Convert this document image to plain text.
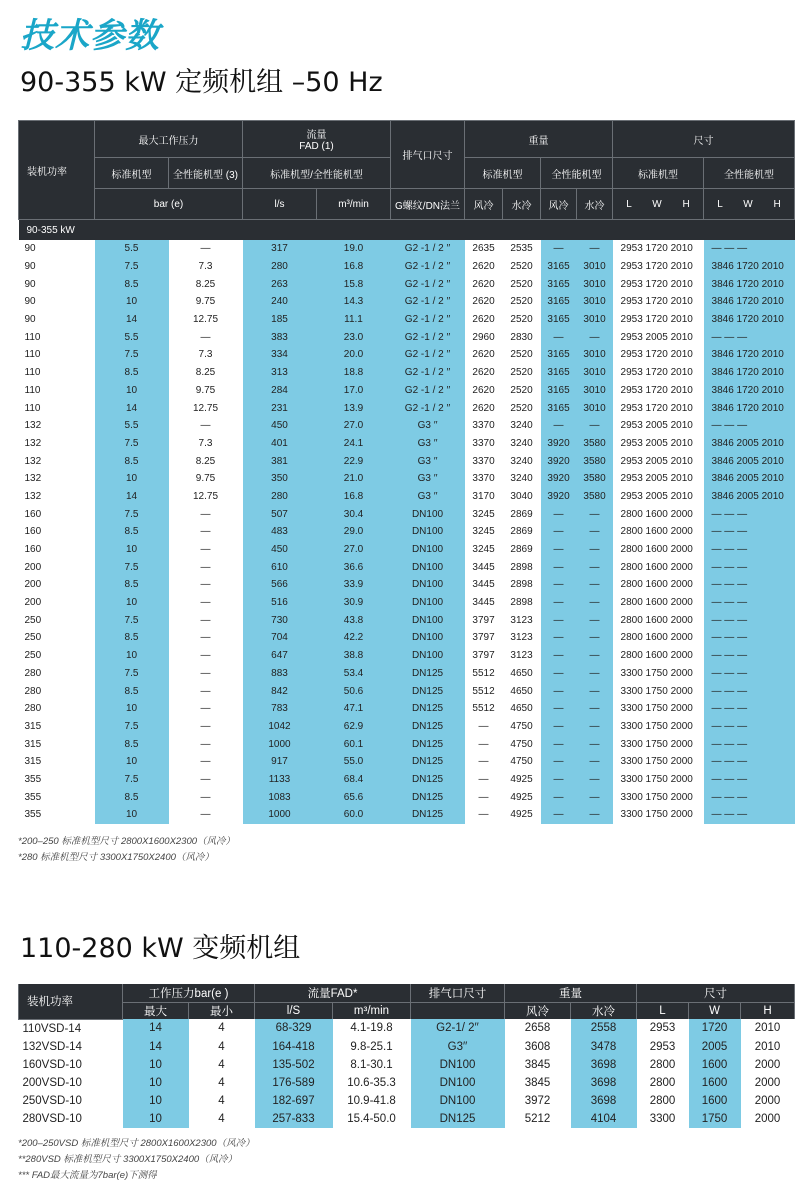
技术参数
90-355 kW 定频机组 –50 Hz
装机功率	最大工作压力		流量
FAD (1)		排气口尺寸	重量				尺寸	
	标准机型	全性能机型 (3)	标准机型/全性能机型			标准机型		全性能机型		标准机型	全性能机型
	bar (e)		l/s	m³/min	G螺纹/DN法兰	风冷	水冷	风冷	水冷	L W H	L W H
90-355 kW											
90	5.5	—	317	19.0	G2 -1 / 2 ′′	2635	2535	—	—	2953 1720 2010	— — —
90	7.5	7.3	280	16.8	G2 -1 / 2 ′′	2620	2520	3165	3010	2953 1720 2010	3846 1720 2010
90	8.5	8.25	263	15.8	G2 -1 / 2 ′′	2620	2520	3165	3010	2953 1720 2010	3846 1720 2010
90	10	9.75	240	14.3	G2 -1 / 2 ′′	2620	2520	3165	3010	2953 1720 2010	3846 1720 2010
90	14	12.75	185	11.1	G2 -1 / 2 ′′	2620	2520	3165	3010	2953 1720 2010	3846 1720 2010
110	5.5	—	383	23.0	G2 -1 / 2 ′′	2960	2830	—	—	2953 2005 2010	— — —
110	7.5	7.3	334	20.0	G2 -1 / 2 ′′	2620	2520	3165	3010	2953 1720 2010	3846 1720 2010
110	8.5	8.25	313	18.8	G2 -1 / 2 ′′	2620	2520	3165	3010	2953 1720 2010	3846 1720 2010
110	10	9.75	284	17.0	G2 -1 / 2 ′′	2620	2520	3165	3010	2953 1720 2010	3846 1720 2010
110	14	12.75	231	13.9	G2 -1 / 2 ′′	2620	2520	3165	3010	2953 1720 2010	3846 1720 2010
132	5.5	—	450	27.0	G3 ′′	3370	3240	—	—	2953 2005 2010	— — —
132	7.5	7.3	401	24.1	G3 ′′	3370	3240	3920	3580	2953 2005 2010	3846 2005 2010
132	8.5	8.25	381	22.9	G3 ′′	3370	3240	3920	3580	2953 2005 2010	3846 2005 2010
132	10	9.75	350	21.0	G3 ′′	3370	3240	3920	3580	2953 2005 2010	3846 2005 2010
132	14	12.75	280	16.8	G3 ′′	3170	3040	3920	3580	2953 2005 2010	3846 2005 2010
160	7.5	—	507	30.4	DN100	3245	2869	—	—	2800 1600 2000	— — —
160	8.5	—	483	29.0	DN100	3245	2869	—	—	2800 1600 2000	— — —
160	10	—	450	27.0	DN100	3245	2869	—	—	2800 1600 2000	— — —
200	7.5	—	610	36.6	DN100	3445	2898	—	—	2800 1600 2000	— — —
200	8.5	—	566	33.9	DN100	3445	2898	—	—	2800 1600 2000	— — —
200	10	—	516	30.9	DN100	3445	2898	—	—	2800 1600 2000	— — —
250	7.5	—	730	43.8	DN100	3797	3123	—	—	2800 1600 2000	— — —
250	8.5	—	704	42.2	DN100	3797	3123	—	—	2800 1600 2000	— — —
250	10	—	647	38.8	DN100	3797	3123	—	—	2800 1600 2000	— — —
280	7.5	—	883	53.4	DN125	5512	4650	—	—	3300 1750 2000	— — —
280	8.5	—	842	50.6	DN125	5512	4650	—	—	3300 1750 2000	— — —
280	10	—	783	47.1	DN125	5512	4650	—	—	3300 1750 2000	— — —
315	7.5	—	1042	62.9	DN125	—	4750	—	—	3300 1750 2000	— — —
315	8.5	—	1000	60.1	DN125	—	4750	—	—	3300 1750 2000	— — —
315	10	—	917	55.0	DN125	—	4750	—	—	3300 1750 2000	— — —
355	7.5	—	1133	68.4	DN125	—	4925	—	—	3300 1750 2000	— — —
355	8.5	—	1083	65.6	DN125	—	4925	—	—	3300 1750 2000	— — —
355	10	—	1000	60.0	DN125	—	4925	—	—	3300 1750 2000	— — —
*200–250 标准机型尺寸 2800X1600X2300（风冷）
*280 标准机型尺寸 3300X1750X2400（风冷）
110-280 kW 变频机组
装机功率	工作压力bar(e )		流量FAD*		排气口尺寸	重量		尺寸		
	最大	最小	l/S	m³/min		风冷	水冷	L	W	H
110VSD-14	14	4	68-329	4.1-19.8	G2-1/ 2′′	2658	2558	2953	1720	2010
132VSD-14	14	4	164-418	9.8-25.1	G3′′	3608	3478	2953	2005	2010
160VSD-10	10	4	135-502	8.1-30.1	DN100	3845	3698	2800	1600	2000
200VSD-10	10	4	176-589	10.6-35.3	DN100	3845	3698	2800	1600	2000
250VSD-10	10	4	182-697	10.9-41.8	DN100	3972	3698	2800	1600	2000
280VSD-10	10	4	257-833	15.4-50.0	DN125	5212	4104	3300	1750	2000
*200–250VSD 标准机型尺寸 2800X1600X2300（风冷）
**280VSD 标准机型尺寸 3300X1750X2400（风冷）
*** FAD最大流量为7bar(e)下测得
